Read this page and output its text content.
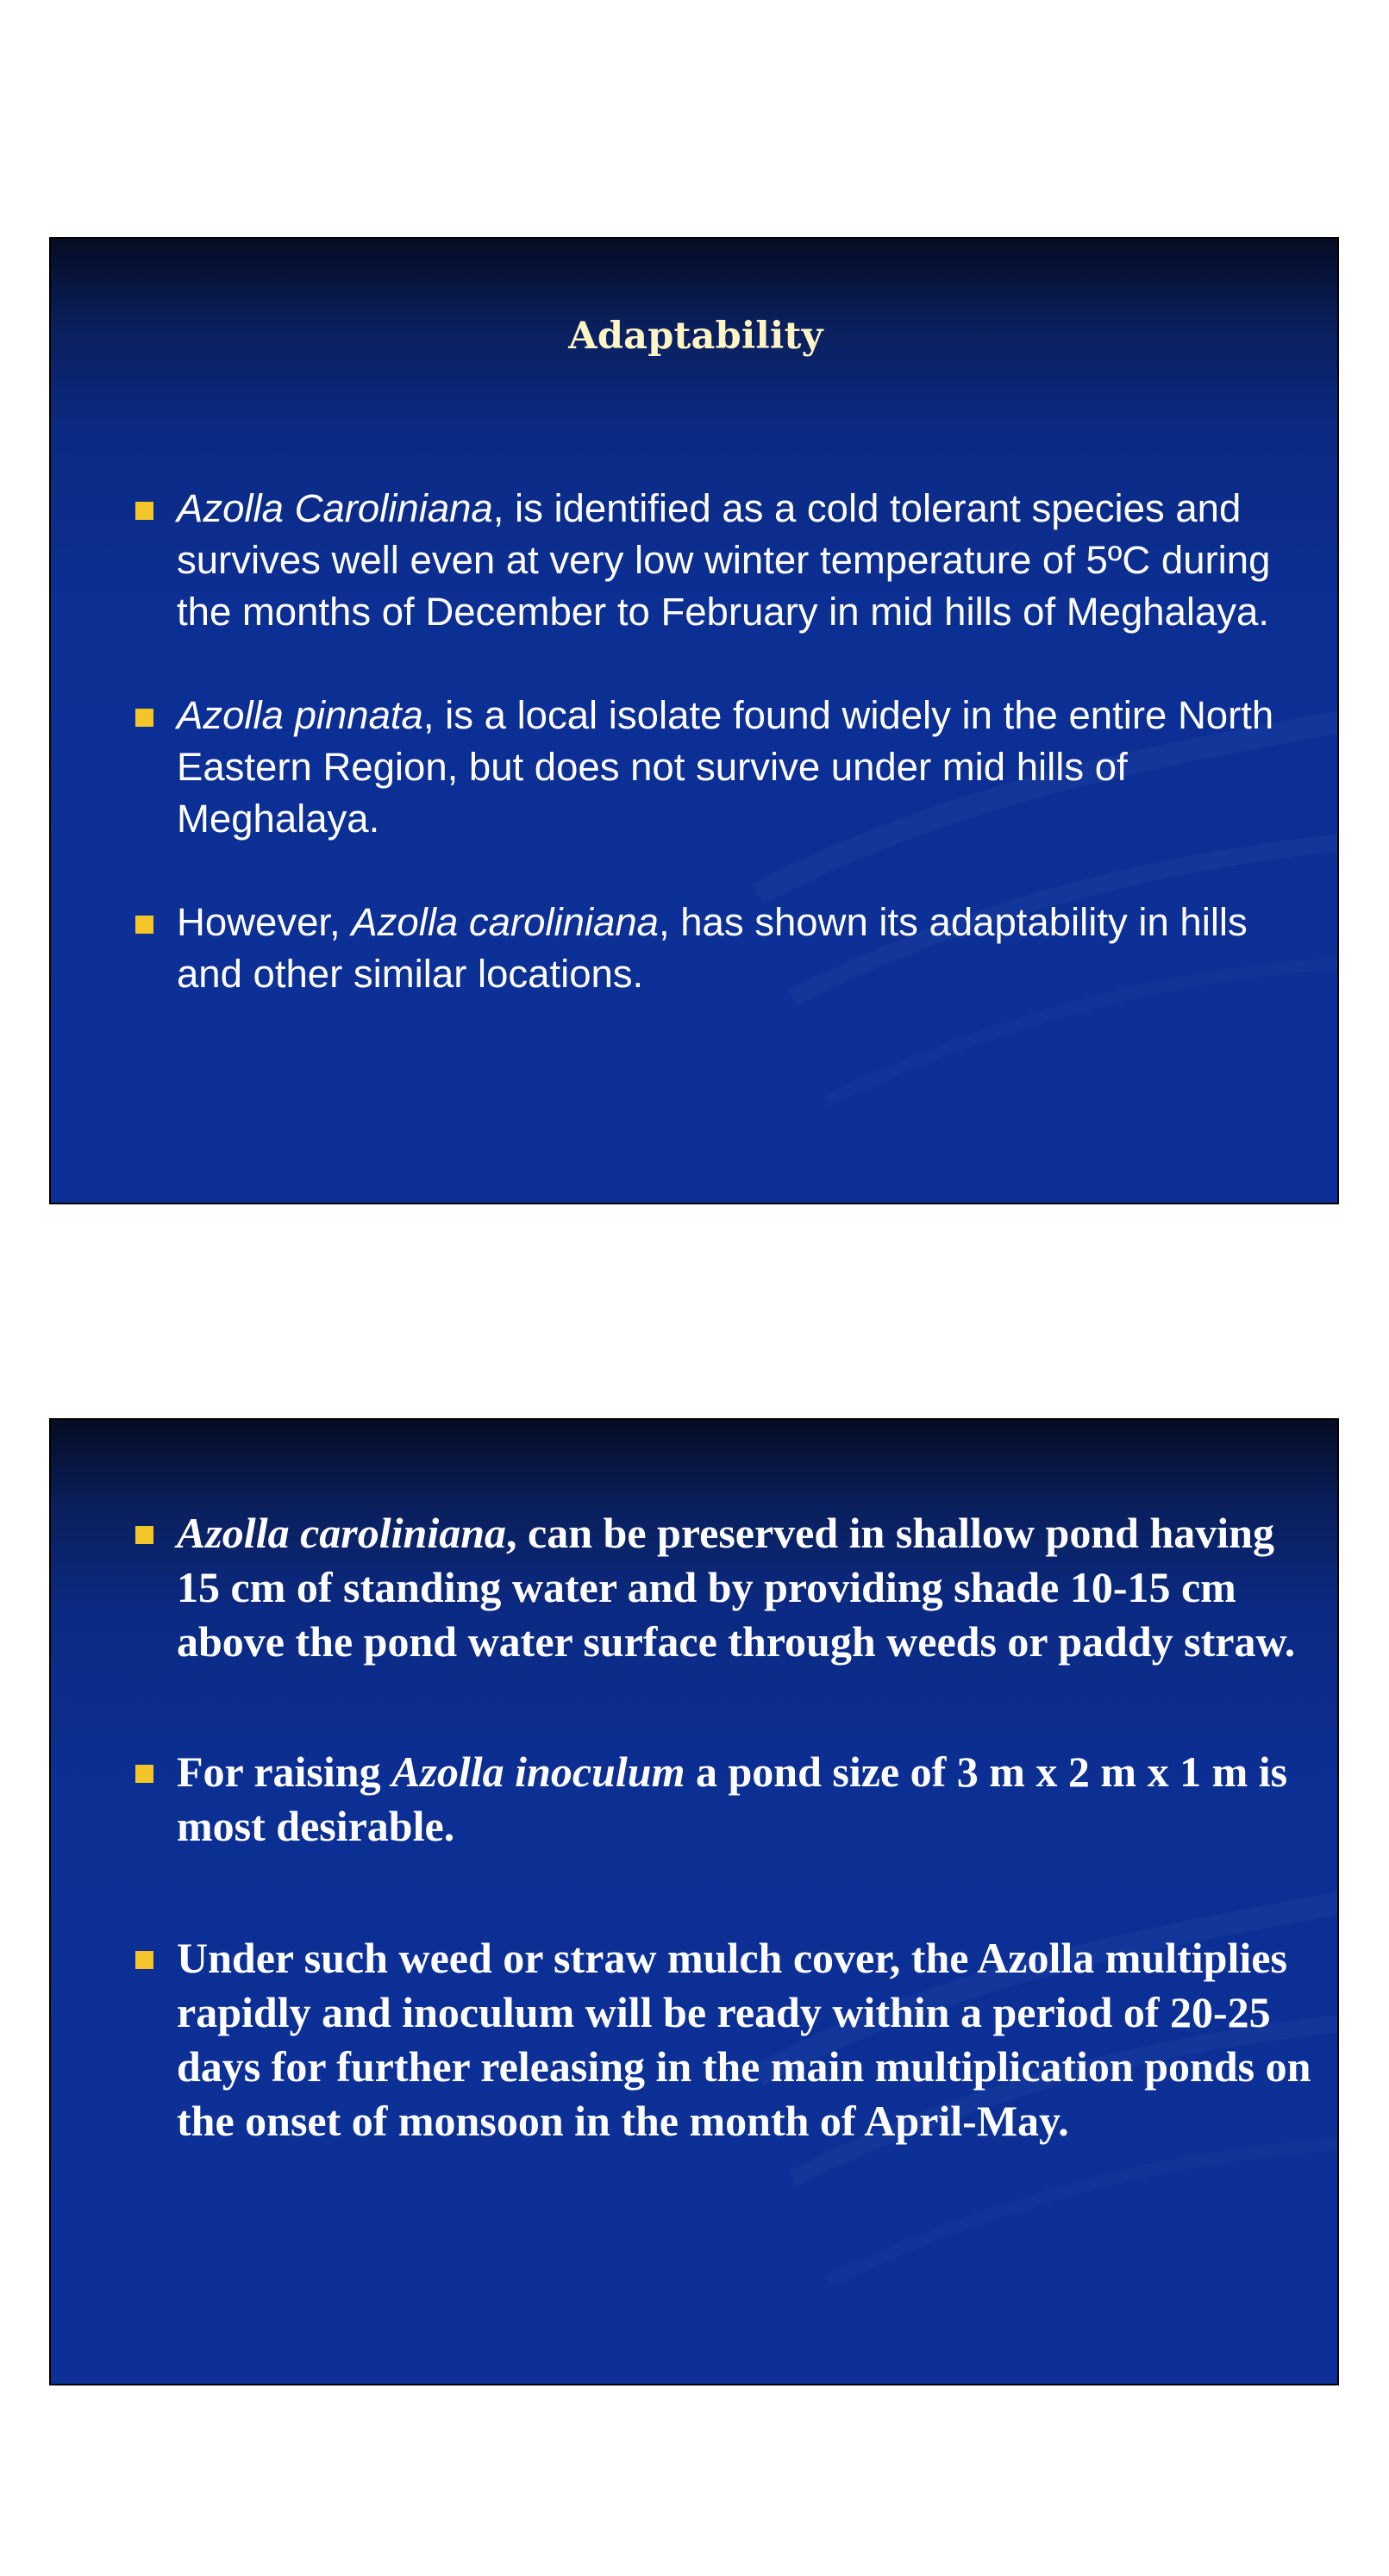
Adaptability
Azolla Caroliniana, is identified as a cold tolerant species and survives well even at very low winter temperature of 5ºC during the months of December to February in mid hills of Meghalaya.
Azolla pinnata, is a local isolate found widely in the entire North Eastern Region, but does not survive under mid hills of Meghalaya.
However, Azolla caroliniana, has shown its adaptability in hills and other similar locations.
Azolla caroliniana, can be preserved in shallow pond having 15 cm of standing water and by providing shade 10-15 cm above the pond water surface through weeds or paddy straw.
For raising Azolla inoculum a pond size of 3 m x 2 m x 1 m is most desirable.
Under such weed or straw mulch cover, the Azolla multiplies rapidly and inoculum will be ready within a period of 20-25 days for further releasing in the main multiplication ponds on the onset of monsoon in the month of April-May.
